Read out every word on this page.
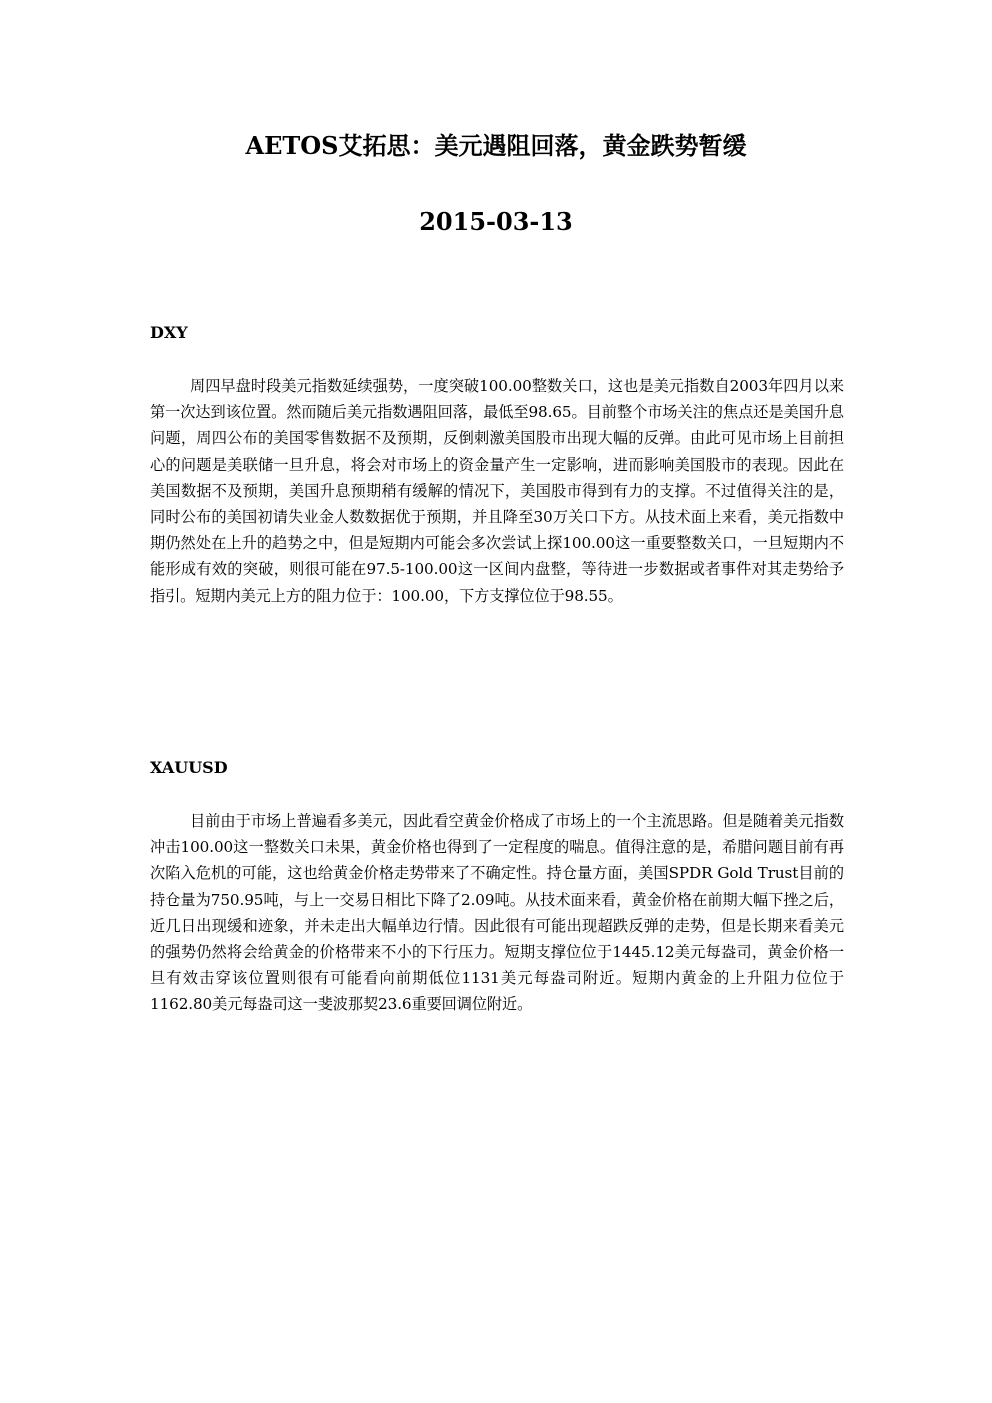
AETOS艾拓思：美元遇阻回落，黄金跌势暂缓
2015-03-13

DXY

周四早盘时段美元指数延续强势，一度突破100.00整数关口，这也是美元指数自2003年四月以来第一次达到该位置。然而随后美元指数遇阻回落，最低至98.65。目前整个市场关注的焦点还是美国升息问题，周四公布的美国零售数据不及预期，反倒刺激美国股市出现大幅的反弹。由此可见市场上目前担心的问题是美联储一旦升息，将会对市场上的资金量产生一定影响，进而影响美国股市的表现。因此在美国数据不及预期，美国升息预期稍有缓解的情况下，美国股市得到有力的支撑。不过值得关注的是，同时公布的美国初请失业金人数数据优于预期，并且降至30万关口下方。从技术面上来看，美元指数中期仍然处在上升的趋势之中，但是短期内可能会多次尝试上探100.00这一重要整数关口，一旦短期内不能形成有效的突破，则很可能在97.5-100.00这一区间内盘整，等待进一步数据或者事件对其走势给予指引。短期内美元上方的阻力位于：100.00，下方支撑位位于98.55。

XAUUSD

目前由于市场上普遍看多美元，因此看空黄金价格成了市场上的一个主流思路。但是随着美元指数冲击100.00这一整数关口未果，黄金价格也得到了一定程度的喘息。值得注意的是，希腊问题目前有再次陷入危机的可能，这也给黄金价格走势带来了不确定性。持仓量方面，美国SPDR Gold Trust目前的持仓量为750.95吨，与上一交易日相比下降了2.09吨。从技术面来看，黄金价格在前期大幅下挫之后，近几日出现缓和迹象，并未走出大幅单边行情。因此很有可能出现超跌反弹的走势，但是长期来看美元的强势仍然将会给黄金的价格带来不小的下行压力。短期支撑位位于1445.12美元每盎司，黄金价格一旦有效击穿该位置则很有可能看向前期低位1131美元每盎司附近。短期内黄金的上升阻力位位于1162.80美元每盎司这一斐波那契23.6重要回调位附近。
